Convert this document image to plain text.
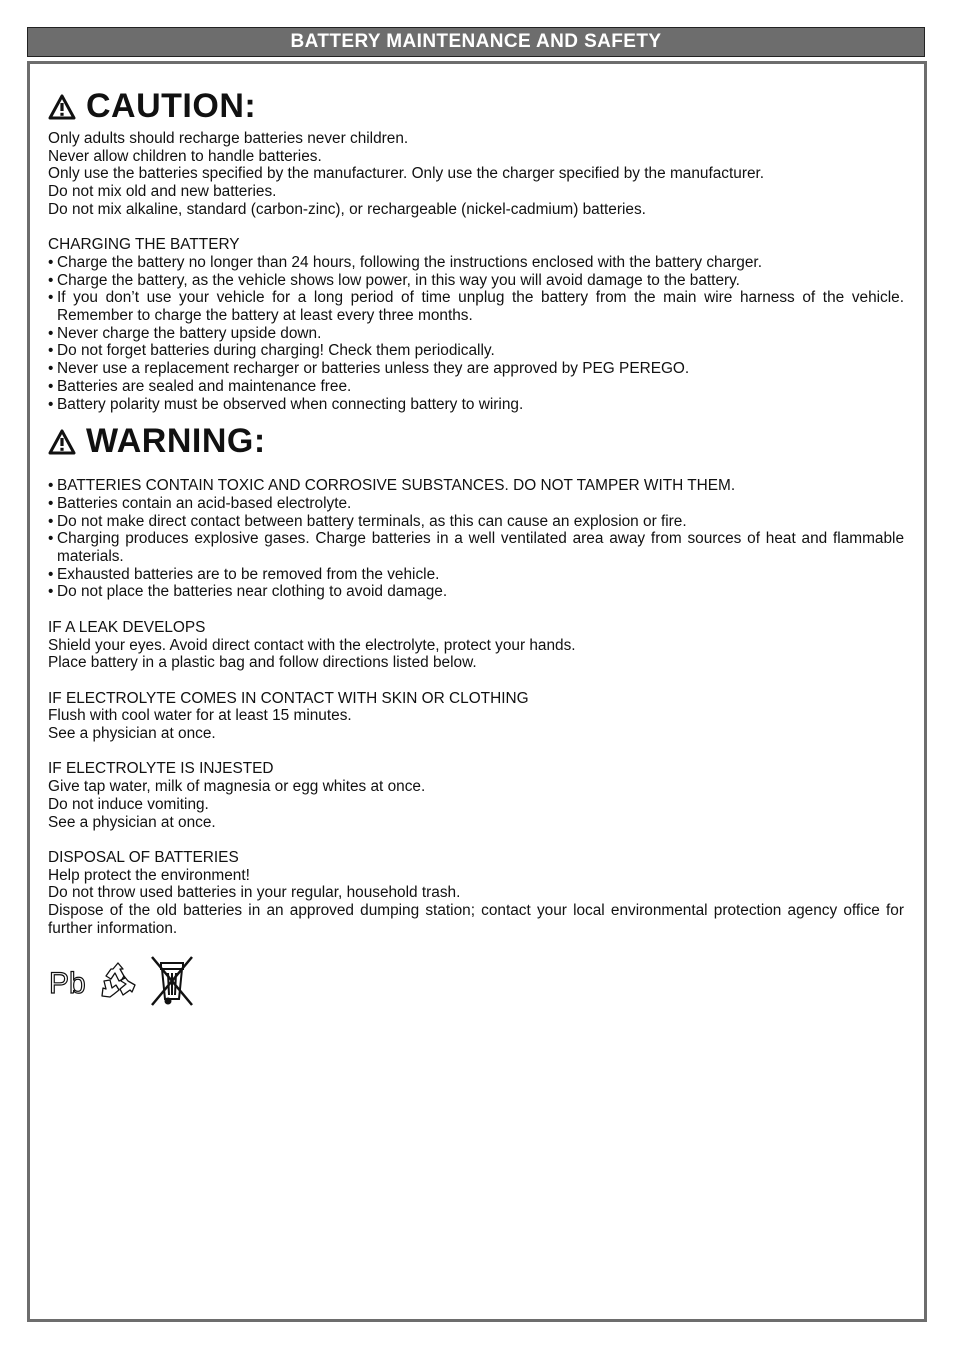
BATTERY MAINTENANCE AND SAFETY
CAUTION:
Only adults should recharge batteries never children.
Never allow children to handle batteries.
Only use the batteries specified by the manufacturer. Only use the charger specified by the manufacturer.
Do not mix old and new batteries.
Do not mix alkaline, standard (carbon-zinc), or rechargeable (nickel-cadmium) batteries.
CHARGING THE BATTERY
• Charge the battery no longer than 24 hours, following the instructions enclosed with the battery charger.
• Charge the battery, as the vehicle shows low power, in this way you will avoid damage to the battery.
• If you don’t use your vehicle for a long period of time unplug the battery from the main wire harness of the vehicle. Remember to charge the battery at least every three months.
• Never charge the battery upside down.
• Do not forget batteries during charging! Check them periodically.
• Never use a replacement recharger or batteries unless they are approved by PEG PEREGO.
• Batteries are sealed and maintenance free.
• Battery polarity must be observed when connecting battery to wiring.
WARNING:
• BATTERIES CONTAIN TOXIC AND CORROSIVE SUBSTANCES. DO NOT TAMPER WITH THEM.
• Batteries contain an acid-based electrolyte.
• Do not make direct contact between battery terminals, as this can cause an explosion or fire.
• Charging produces explosive gases. Charge batteries in a well ventilated area away from sources of heat and flammable materials.
• Exhausted batteries are to be removed from the vehicle.
• Do not place the batteries near clothing to avoid damage.
IF A LEAK DEVELOPS
Shield your eyes. Avoid direct contact with the electrolyte, protect your hands.
Place battery in a plastic bag and follow directions listed below.
IF ELECTROLYTE COMES IN CONTACT WITH SKIN OR CLOTHING
Flush with cool water for at least 15 minutes.
See a physician at once.
IF ELECTROLYTE IS INJESTED
Give tap water, milk of magnesia or egg whites at once.
Do not induce vomiting.
See a physician at once.
DISPOSAL OF BATTERIES
Help protect the environment!
Do not throw used batteries in your regular, household trash.
Dispose of the old batteries in an approved dumping station; contact your local environmental protection agency office for further information.
Pb
